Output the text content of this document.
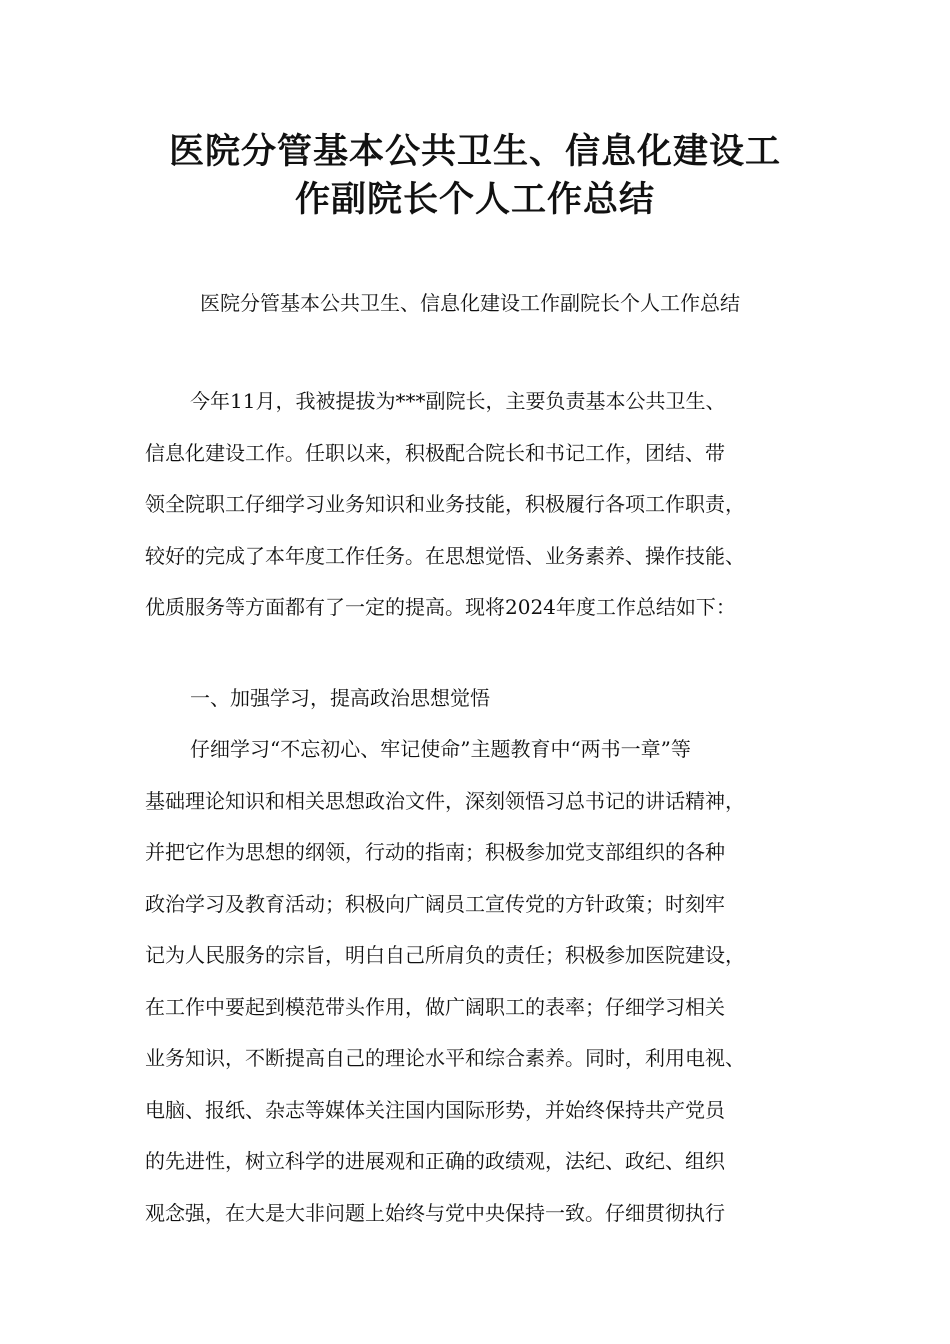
医院分管基本公共卫生、信息化建设工
作副院长个人工作总结

医院分管基本公共卫生、信息化建设工作副院长个人工作总结

今年11月，我被提拔为***副院长，主要负责基本公共卫生、
信息化建设工作。任职以来，积极配合院长和书记工作，团结、带
领全院职工仔细学习业务知识和业务技能，积极履行各项工作职责，
较好的完成了本年度工作任务。在思想觉悟、业务素养、操作技能、
优质服务等方面都有了一定的提高。现将2024年度工作总结如下：
一、加强学习，提高政治思想觉悟
仔细学习“不忘初心、牢记使命”主题教育中“两书一章”等
基础理论知识和相关思想政治文件，深刻领悟习总书记的讲话精神，
并把它作为思想的纲领，行动的指南；积极参加党支部组织的各种
政治学习及教育活动；积极向广阔员工宣传党的方针政策；时刻牢
记为人民服务的宗旨，明白自己所肩负的责任；积极参加医院建设，
在工作中要起到模范带头作用，做广阔职工的表率；仔细学习相关
业务知识，不断提高自己的理论水平和综合素养。同时，利用电视、
电脑、报纸、杂志等媒体关注国内国际形势，并始终保持共产党员
的先进性，树立科学的进展观和正确的政绩观，法纪、政纪、组织
观念强，在大是大非问题上始终与党中央保持一致。仔细贯彻执行
